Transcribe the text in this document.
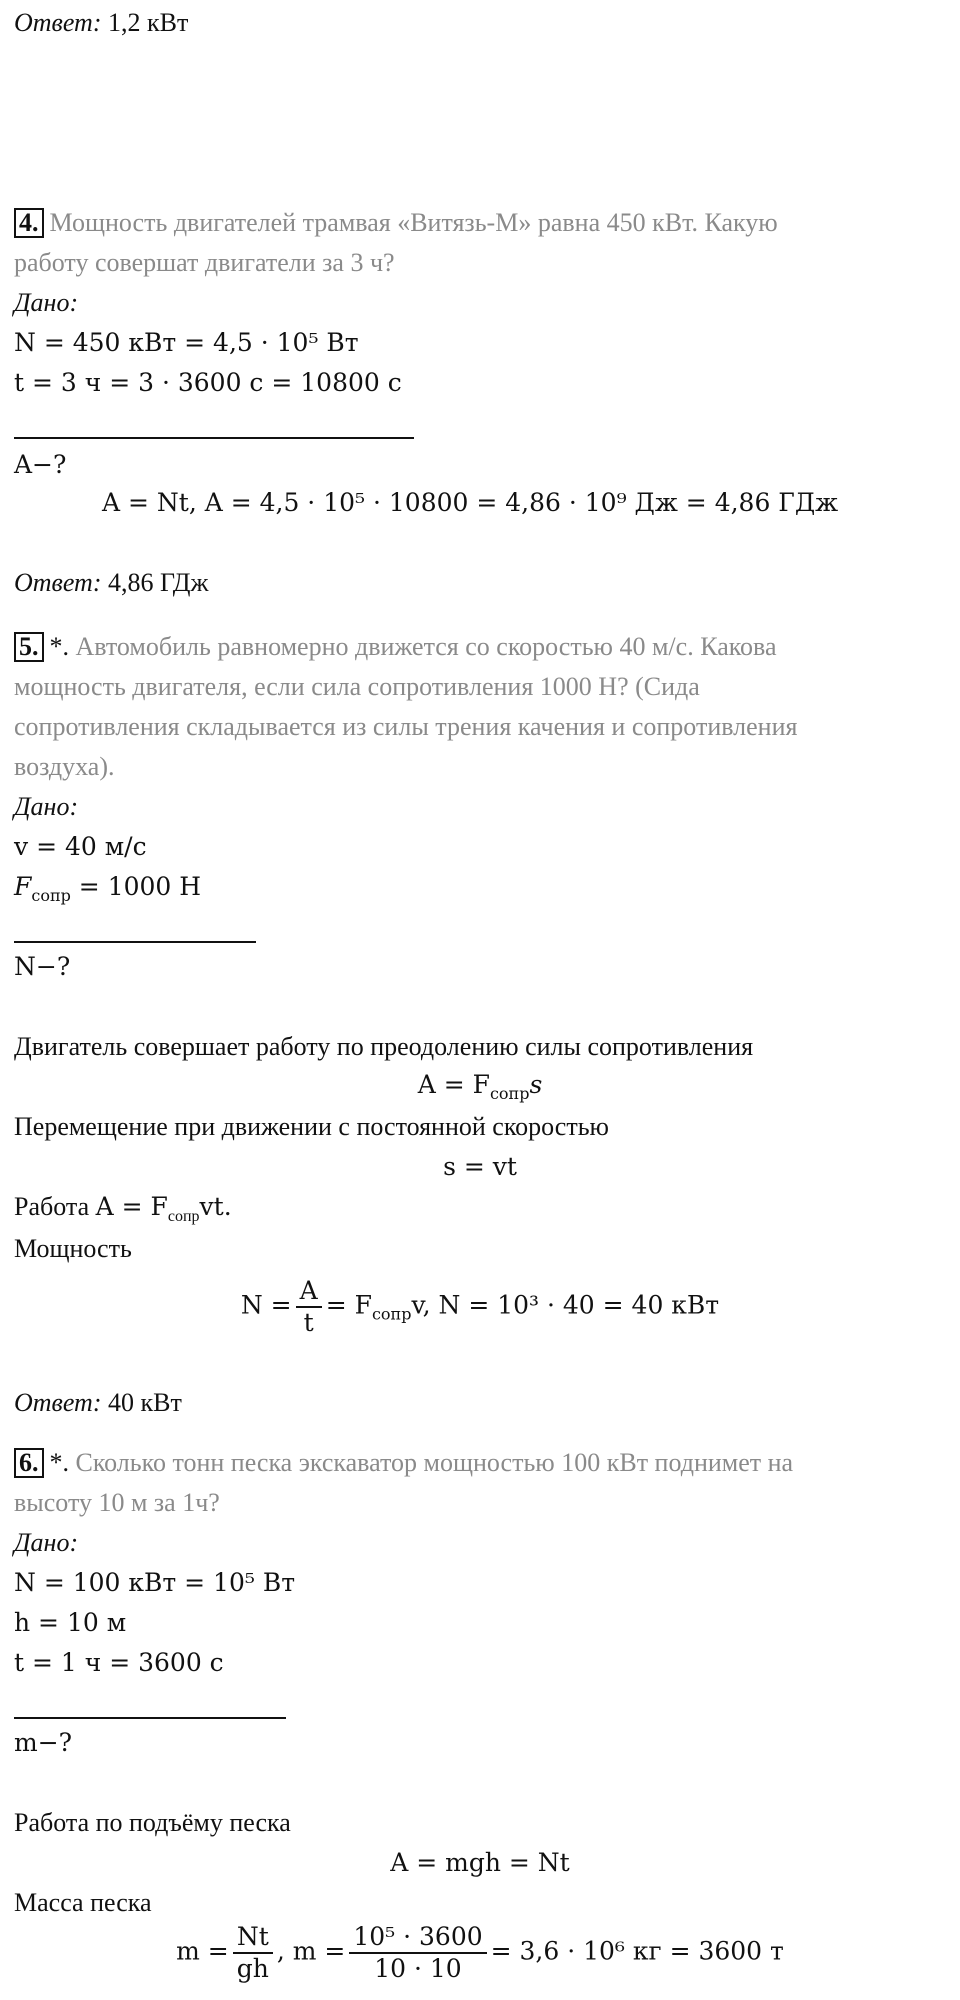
Ответ: 1,2 кВт
4. Мощность двигателей трамвая «Витязь-М» равна 450 кВт. Какую
работу совершат двигатели за 3 ч?
Дано:
N = 450 кВт = 4,5 · 10⁵ Вт
t = 3 ч = 3 · 3600 с = 10800 с
A−?
A = Nt, A = 4,5 · 10⁵ · 10800 = 4,86 · 10⁹ Дж = 4,86 ГДж
Ответ: 4,86 ГДж
5. *. Автомобиль равномерно движется со скоростью 40 м/с. Какова
мощность двигателя, если сила сопротивления 1000 Н? (Сида
сопротивления складывается из силы трения качения и сопротивления
воздуха).
Дано:
v = 40 м/с
$F_{сопр} = 1000$ Н
N−?
Двигатель совершает работу по преодолению силы сопротивления
$A = F_{сопр}s$
Перемещение при движении с постоянной скоростью
s = vt
Работа $A = F_{сопр}vt$.
Мощность
$N = \frac{A}{t} = F_{сопр}v$, N = 10³ · 40 = 40 кВт
Ответ: 40 кВт
6. *. Сколько тонн песка экскаватор мощностью 100 кВт поднимет на
высоту 10 м за 1ч?
Дано:
N = 100 кВт = 10⁵ Вт
h = 10 м
t = 1 ч = 3600 с
m−?
Работа по подъёму песка
A = mgh = Nt
Масса песка
$m = \frac{Nt}{gh}$ , $m = \frac{\text{10⁵ · 3600}}{10 \cdot 10} = 3,6 \cdot 10^6$ кг = 3600 т
